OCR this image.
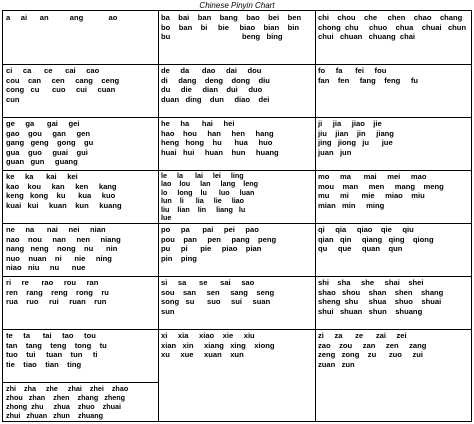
Chinese Pinyin Chart
a     ai      an          ang            ao	ba    bai    ban    bang    bao    bei    ben
bo    ban    bi     bie     biao    bian    bin
bu                                  beng   bing
chi    chou    che     chen    chao    chang
chong  chu     chuo    chua    chuai   chun
chui   chuan   chuang  chai
ci     ca      ce      cai     cao
cou    can     cen     cang    ceng
cong   cu      cuo     cui     cuan
cun
de     da      dao     dai     dou
di     dang    deng    dong    diu
du     die     dian    dui     duo
duan   ding    dun     diao    dei
fo     fa      fei     fou
fan    fen     fang    feng     fu
ge     ga      gai     gei
gao    gou     gan     gen
gang   geng    gong    gu
gua    guo     guai    gui
guan   gun     guang
he     ha      hai     hei
hao    hou     han     hen     hang
heng   hong    hu      hua     huo
huai   hui     huan    hun     huang
ji     jia     jiao    jie
jiu    jian    jin     jiang
jing   jiong   ju      jue
juan   jun
ke     ka      kai     kei
kao    kou     kan     ken     kang
keng   kong    ku      kua     kuo
kuai   kui     kuan    kun     kuang
le     la      lai     lei     ling
lao    lou     lan     lang    leng
lo     long    lu      luo     luan
lun    li      lia     lie     liao
liu    lian    lin     liang   lu
lue
mo     ma      mai     mei     mao
mou    man     men     mang    meng
mu     mi      mie     miao    miu
mian   min     ming
ne     na      nai     nei     nian
nao    nou     nan     nen     niang
nang   neng    nong    nu      nin
nuo    nuan    ni      nie     ning
niao   niu     nu      nue
po     pa      pai     pei     pao
pou    pan     pen     pang    peng
pu     pi      pie     piao    pian
pin    ping
qi     qia     qiao    qie     qiu
qian   qin     qiang   qing    qiong
qu     que     quan    qun
ri     re      rao     rou     ran
ren    rang    reng    rong    ru
rua    ruo     rui     ruan    run
si     sa      se      sai     sao
sou    san     sen     sang    seng
song   su      suo     sui     suan
sun
shi    sha     she     shai    shei
shao   shou    shan    shen    shang
sheng  shu     shua    shuo    shuai
shui   shuan   shun    shuang
te     ta      tai     tao     tou
tan    tang    teng    tong    tu
tuo    tui     tuan    tun     ti
tie    tiao    tian    ting
xi     xia     xiao    xie     xiu
xian   xin     xiang   xing    xiong
xu     xue     xuan    xun
zi     za      ze      zai     zei
zao    zou     zan     zen     zang
zeng   zong    zu      zuo     zui
zuan   zun
zhi    zha     zhe     zhai    zhei    zhao
zhou   zhan    zhen    zhang   zheng
zhong  zhu     zhua    zhuo    zhuai
zhui   zhuan   zhun    zhuang
